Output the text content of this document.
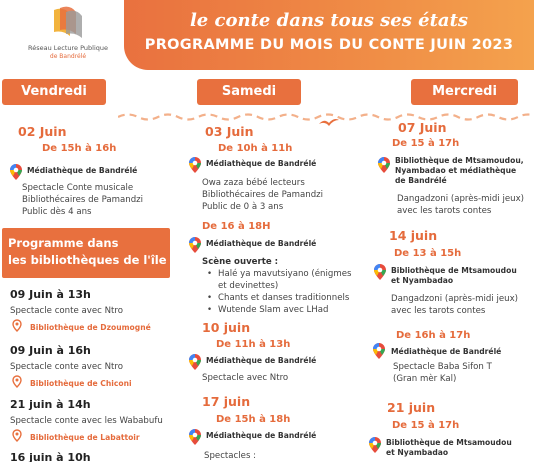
Réseau Lecture Publique
de Bandrélé
le conte dans tous ses états
PROGRAMME DU MOIS DU CONTE JUIN 2023
Vendredi	Samedi	Mercredi
02 Juin
De 15h à 16h
Médiathèque de Bandrélé
Spectacle Conte musicale
Bibliothécaires de Pamandzi
Public dès 4 ans
Programme dans
les bibliothèques de l'île
09 Juin à 13h
Spectacle conte avec Ntro
Bibliothèque de Dzoumogné
09 Juin à 16h
Spectacle conte avec Ntro
Bibliothèque de Chiconi
21 juin à 14h
Spectacle conte avec les Wababufu
Bibliothèque de Labattoir
16 juin à 10h
03 Juin
De 10h à 11h
Médiathèque de Bandrélé
Owa zaza bébé lecteurs
Bibliothécaires de Pamandzi
Public de 0 à 3 ans
De 16 à 18H
Médiathèque de Bandrélé
Scène ouverte :
• Halé ya mavutsiyano (énigmes
et devinettes)
• Chants et danses traditionnels
• Wutende Slam avec LHad
10 juin
De 11h à 13h
Médiathèque de Bandrélé
Spectacle avec Ntro
17 juin
De 15h à 18h
Médiathèque de Bandrélé
Spectacles :
07 Juin
De 15 à 17h
Bibliothèque de Mtsamoudou,
Nyambadao et médiathèque
de Bandrélé
Dangadzoni (après-midi jeux)
avec les tarots contes
14 juin
De 13 à 15h
Bibliothèque de Mtsamoudou
et Nyambadao
Dangadzoni (après-midi jeux)
avec les tarots contes
De 16h à 17h
Médiathèque de Bandrélé
Spectacle Baba Sifon T
(Gran mèr Kal)
21 juin
De 15 à 17h
Bibliothèque de Mtsamoudou
et Nyambadao
